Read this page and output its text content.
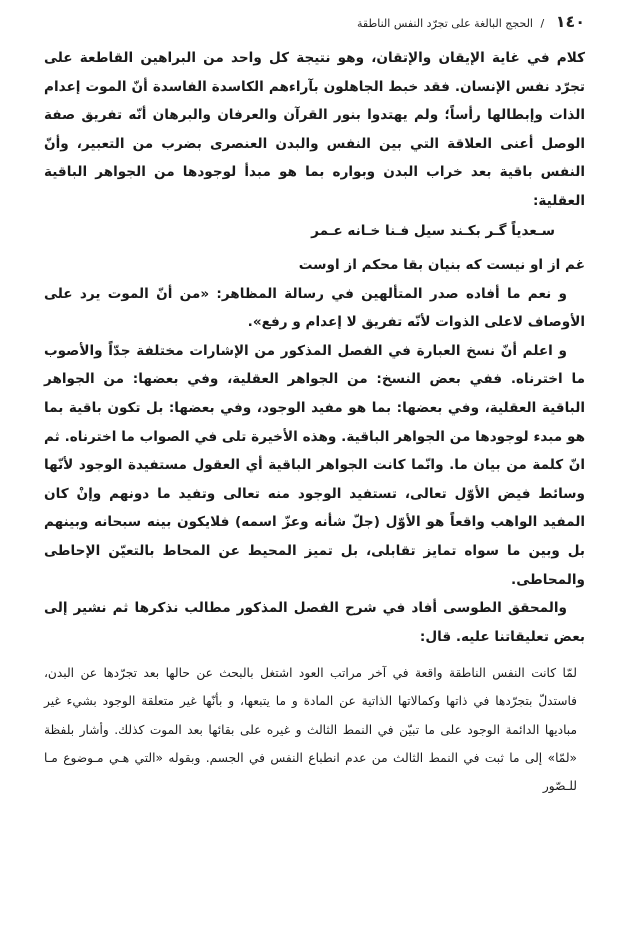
١٤٠ / الحجج البالغة على تجرّد النفس الناطقة

كلام في غاية الإيقان والإتقان، وهو نتيجة كل واحد من البراهين القاطعة على تجرّد نفس الإنسان. فقد خبط الجاهلون بآراءهم الكاسدة الفاسدة أنّ الموت إعدام الذات وإبطالها رأساً؛ ولم يهتدوا بنور القرآن والعرفان والبرهان أنّه تفريق صفة الوصل أعنى العلاقة التي بين النفس والبدن العنصرى بضرب من التعبير، وأنّ النفس باقية بعد خراب البدن وبواره بما هو مبدأ لوجودها من الجواهر الباقية العقلية:

سـعدياً گـر بكـند سيل فـنا خـانه عـمر
غم از او نيست كه بنيان بقا محكم از اوست

و نعم ما أفاده صدر المتألهين في رسالة المظاهر: «من أنّ الموت يرد على الأوصاف لاعلى الذوات لأنّه تفريق لا إعدام و رفع».

و اعلم أنّ نسخ العبارة في الفصل المذكور من الإشارات مختلفة جدّاً والأصوب ما اخترناه. ففي بعض النسخ: من الجواهر العقلية، وفي بعضها: من الجواهر الباقية العقلية، وفي بعضها: بما هو مفيد الوجود، وفي بعضها: بل تكون باقية بما هو مبدء لوجودها من الجواهر الباقية. وهذه الأخيرة تلى في الصواب ما اخترناه. ثم انّ كلمة من بيان ما. وانّما كانت الجواهر الباقية أي العقول مستفيدة الوجود لأنّها وسائط فيض الأوّل تعالى، تستفيد الوجود منه تعالى وتفيد ما دونهم وإنْ كان المفيد الواهب واقعاً هو الأوّل (جلّ شأنه وعزّ اسمه) فلايكون بينه سبحانه وبينهم بل وبين ما سواه تمايز تقابلى، بل تميز المحيط عن المحاط بالتعيّن الإحاطى والمحاطى.

والمحقق الطوسى أفاد في شرح الفصل المذكور مطالب نذكرها ثم نشير إلى بعض تعليقاتنا عليه. قال:

لمّا كانت النفس الناطقة واقعة في آخر مراتب العود اشتغل بالبحث عن حالها بعد تجرّدها عن البدن، فاستدلّ بتجرّدها في ذاتها وكمالاتها الذاتية عن المادة و ما يتبعها، و بأنّها غير متعلقة الوجود بشيء غير مباديها الدائمة الوجود على ما تبيّن في النمط الثالث و غيره على بقائها بعد الموت كذلك. وأشار بلفظة «لمّا» إلى ما ثبت في النمط الثالث من عدم انطباع النفس في الجسم. وبقوله «التي هـي مـوضوع مـا للـصّور
